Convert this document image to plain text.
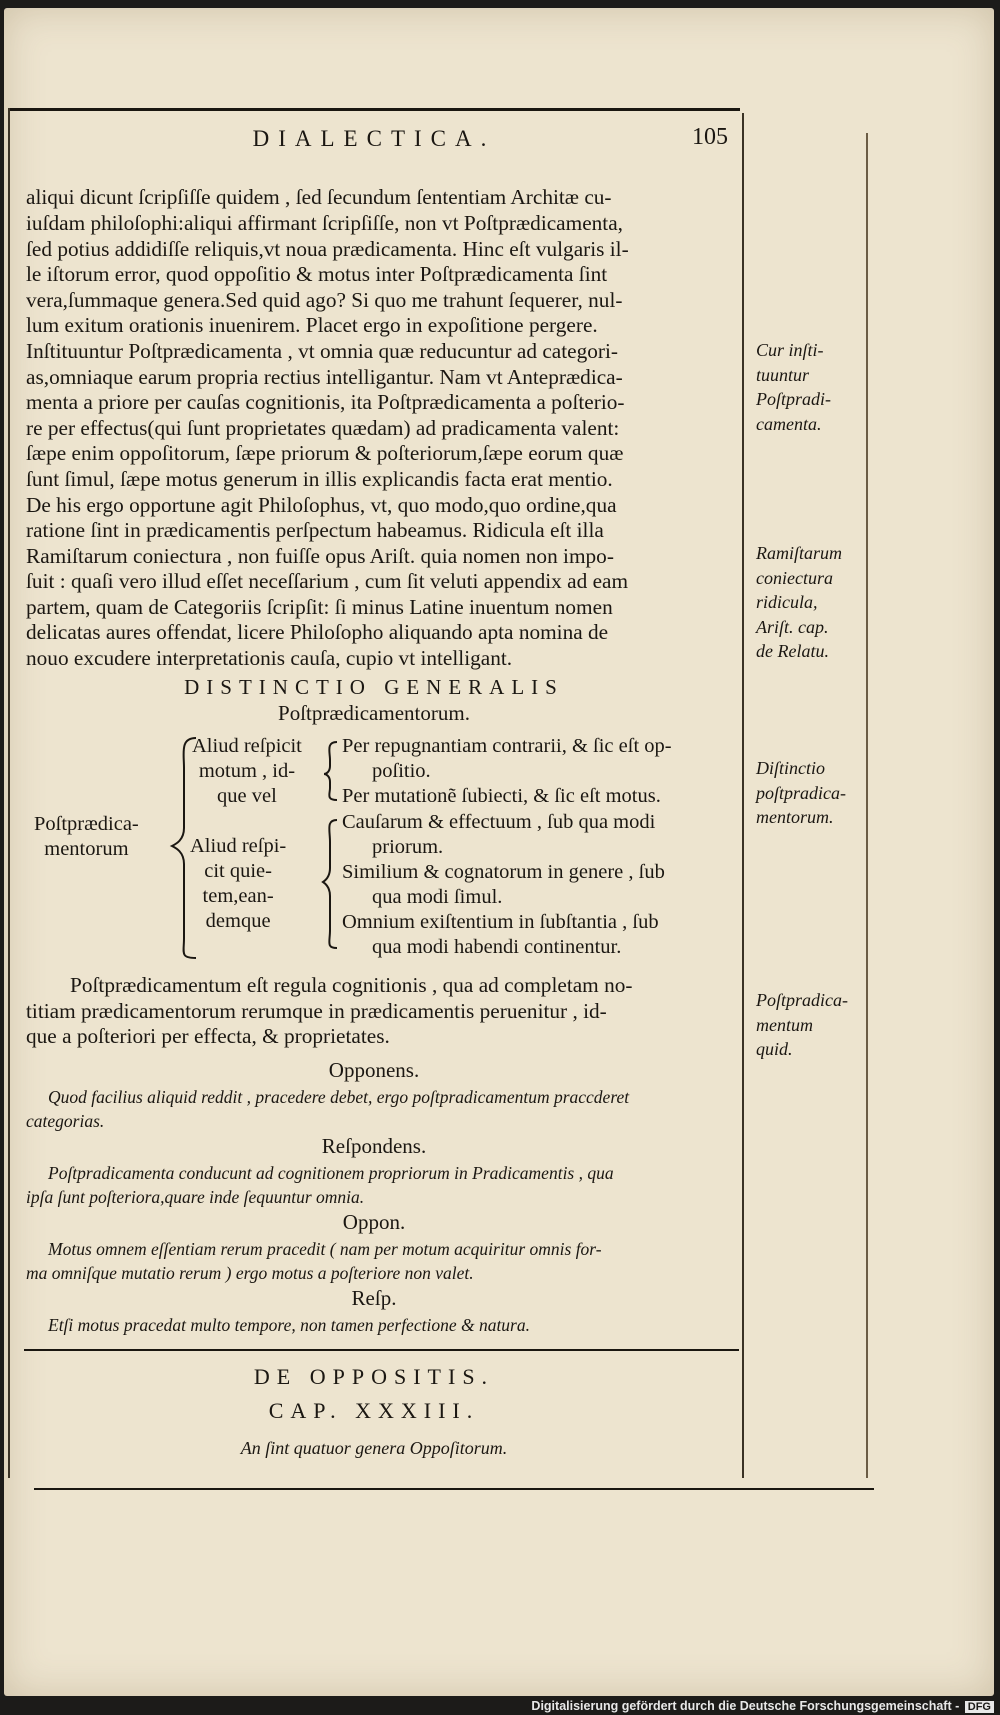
DIALECTICA.	105
aliqui dicunt ſcripſiſſe quidem , ſed ſecundum ſententiam Architæ cu-
iuſdam philoſophi:aliqui affirmant ſcripſiſſe, non vt Poſtprædicamenta,
ſed potius addidiſſe reliquis,vt noua prædicamenta. Hinc eſt vulgaris il-
le iſtorum error, quod oppoſitio & motus inter Poſtprædicamenta ſint
vera,ſummaque genera.Sed quid ago? Si quo me trahunt ſequerer, nul-
lum exitum orationis inuenirem. Placet ergo in expoſitione pergere.
Inſtituuntur Poſtprædicamenta , vt omnia quæ reducuntur ad categori-
as,omniaque earum propria rectius intelligantur. Nam vt Anteprædica-
menta a priore per cauſas cognitionis, ita Poſtprædicamenta a poſterio-
re per effectus(qui ſunt proprietates quædam) ad pradicamenta valent:
ſæpe enim oppoſitorum, ſæpe priorum & poſteriorum,ſæpe eorum quæ
ſunt ſimul, ſæpe motus generum in illis explicandis facta erat mentio.
De his ergo opportune agit Philoſophus, vt, quo modo,quo ordine,qua
ratione ſint in prædicamentis perſpectum habeamus. Ridicula eſt illa
Ramiſtarum coniectura , non fuiſſe opus Ariſt. quia nomen non impo-
ſuit : quaſi vero illud eſſet neceſſarium , cum ſit veluti appendix ad eam
partem, quam de Categoriis ſcripſit: ſi minus Latine inuentum nomen
delicatas aures offendat, licere Philoſopho aliquando apta nomina de
nouo excudere interpretationis cauſa, cupio vt intelligant.
DISTINCTIO GENERALIS
Poſtprædicamentorum.
Poſtprædica-
mentorum
Aliud reſpicit
motum , id-
que vel
Aliud reſpi-
cit quie-
tem,ean-
demque
Per repugnantiam contrarii, & ſic eſt op-
poſitio.
Per mutationẽ ſubiecti, & ſic eſt motus.
Cauſarum & effectuum , ſub qua modi
priorum.
Similium & cognatorum in genere , ſub
qua modi ſimul.
Omnium exiſtentium in ſubſtantia , ſub
qua modi habendi continentur.
Poſtprædicamentum eſt regula cognitionis , qua ad completam no-
titiam prædicamentorum rerumque in prædicamentis peruenitur , id-
que a poſteriori per effecta, & proprietates.
Opponens.
Quod facilius aliquid reddit , pracedere debet, ergo poſtpradicamentum praccderet
categorias.
Reſpondens.
Poſtpradicamenta conducunt ad cognitionem propriorum in Pradicamentis , qua
ipſa ſunt poſteriora,quare inde ſequuntur omnia.
Oppon.
Motus omnem eſſentiam rerum pracedit ( nam per motum acquiritur omnis for-
ma omniſque mutatio rerum ) ergo motus a poſteriore non valet.
Reſp.
Etſi motus pracedat multo tempore, non tamen perfectione & natura.
DE OPPOSITIS.
CAP. XXXIII.
An ſint quatuor genera Oppoſitorum.
Cur inſti-
tuuntur
Poſtpradi-
camenta.
Ramiſtarum
coniectura
ridicula,
Ariſt. cap.
de Relatu.
Diſtinctio
poſtpradica-
mentorum.
Poſtpradica-
mentum
quid.
Digitalisierung gefördert durch die Deutsche Forschungsgemeinschaft - DFG
